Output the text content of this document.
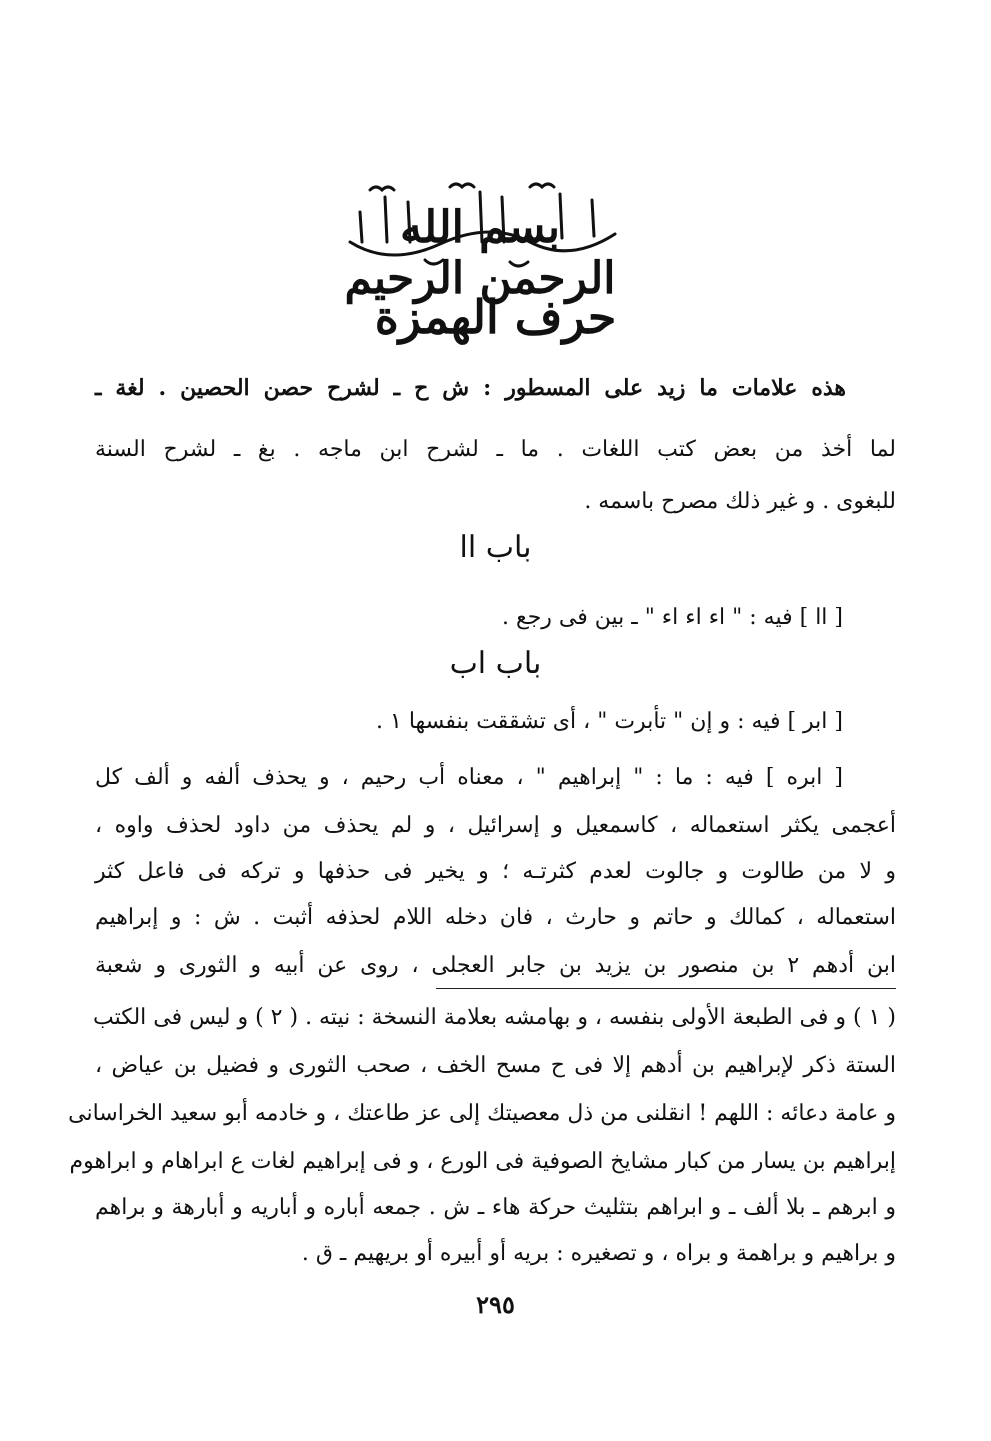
بسم الله الرحمن الرحيم
حرف الهمزة
هذه علامات ما زيد على المسطور : ش ح ـ لشرح حصن الحصين . لغة ـ
لما أخذ من بعض كتب اللغات . ما ـ لشرح ابن ماجه . بغ ـ لشرح السنة
للبغوى . و غير ذلك مصرح باسمه .
باب اا
[ اا ] فيه : " اء اء اء " ـ بين فى رجع .
باب اب
[ ابر ] فيه : و إن " تأبرت " ، أى تشققت بنفسها ١ .
[ ابره ] فيه : ما : " إبراهيم " ، معناه أب رحيم ، و يحذف ألفه و ألف كل
أعجمى يكثر استعماله ، كاسمعيل و إسرائيل ، و لم يحذف من داود لحذف واوه ،
و لا من طالوت و جالوت لعدم كثرتـه ؛ و يخير فى حذفها و تركه فى فاعل كثر
استعماله ، كمالك و حاتم و حارث ، فان دخله اللام لحذفه أثبت . ش : و إبراهيم
ابن أدهم ٢ بن منصور بن يزيد بن جابر العجلى ، روى عن أبيه و الثورى و شعبة
( ١ ) و فى الطبعة الأولى بنفسه ، و بهامشه بعلامة النسخة : نيته . ( ٢ ) و ليس فى الكتب
الستة ذكر لإبراهيم بن أدهم إلا فى ح مسح الخف ، صحب الثورى و فضيل بن عياض ،
و عامة دعائه : اللهم ! انقلنى من ذل معصيتك إلى عز طاعتك ، و خادمه أبو سعيد الخراسانى
إبراهيم بن يسار من كبار مشايخ الصوفية فى الورع ، و فى إبراهيم لغات ع ابراهام و ابراهوم
و ابرهم ـ بلا ألف ـ و ابراهم بتثليث حركة هاء ـ ش . جمعه أباره و أباريه و أبارهة و براهم
و براهيم و براهمة و براه ، و تصغيره : بريه أو أبيره أو بريهيم ـ ق .
٢٩٥
